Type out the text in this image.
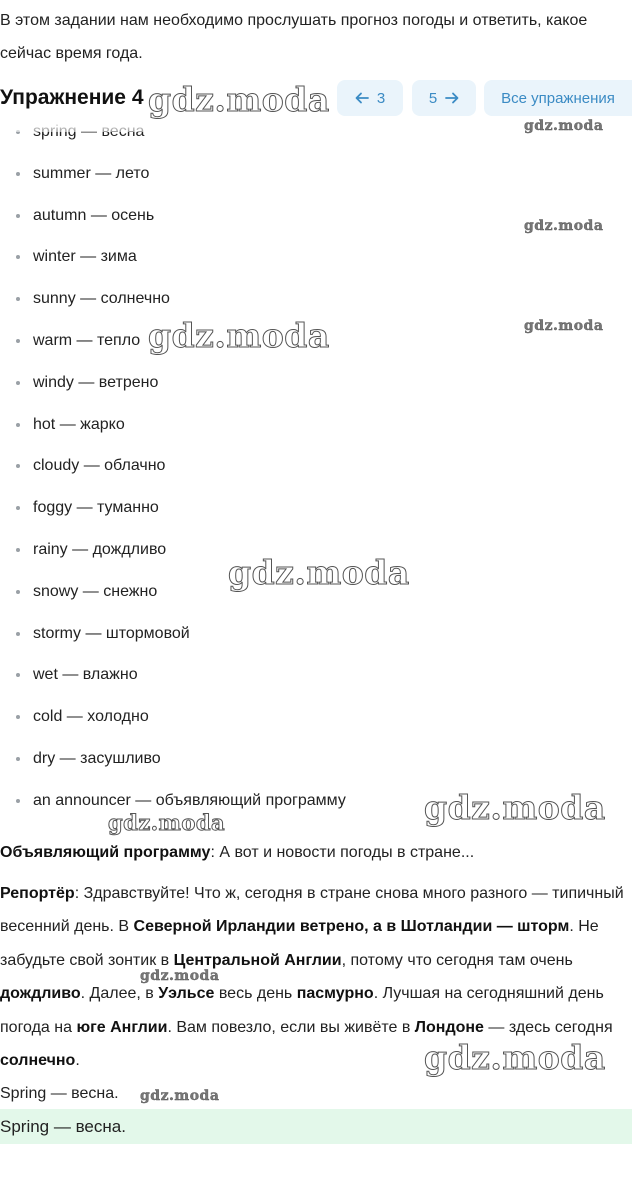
В этом задании нам необходимо прослушать прогноз погоды и ответить, какое сейчас время года.

Упражнение 4	3	5	Все упражнения
summer — лето
autumn — осень
winter — зима
sunny — солнечно
warm — тепло
windy — ветрено
hot — жарко
cloudy — облачно
foggy — туманно
rainy — дождливо
snowy — снежно
stormy — штормовой
wet — влажно
cold — холодно
dry — засушливо
an announcer — объявляющий программу

Объявляющий программу: А вот и новости погоды в стране...

Репортёр: Здравствуйте! Что ж, сегодня в стране снова много разного — типичный весенний день. В Северной Ирландии ветрено, а в Шотландии — шторм. Не забудьте свой зонтик в Центральной Англии, потому что сегодня там очень дождливо. Далее, в Уэльсе весь день пасмурно. Лучшая на сегодняшний день погода на юге Англии. Вам повезло, если вы живёте в Лондоне — здесь сегодня солнечно.

Spring — весна.

Spring — весна.
gdz.moda
gdz.moda
gdz.moda
gdz.moda
gdz.moda
gdz.moda
gdz.moda
gdz.moda
gdz.moda
gdz.moda
gdz.moda
